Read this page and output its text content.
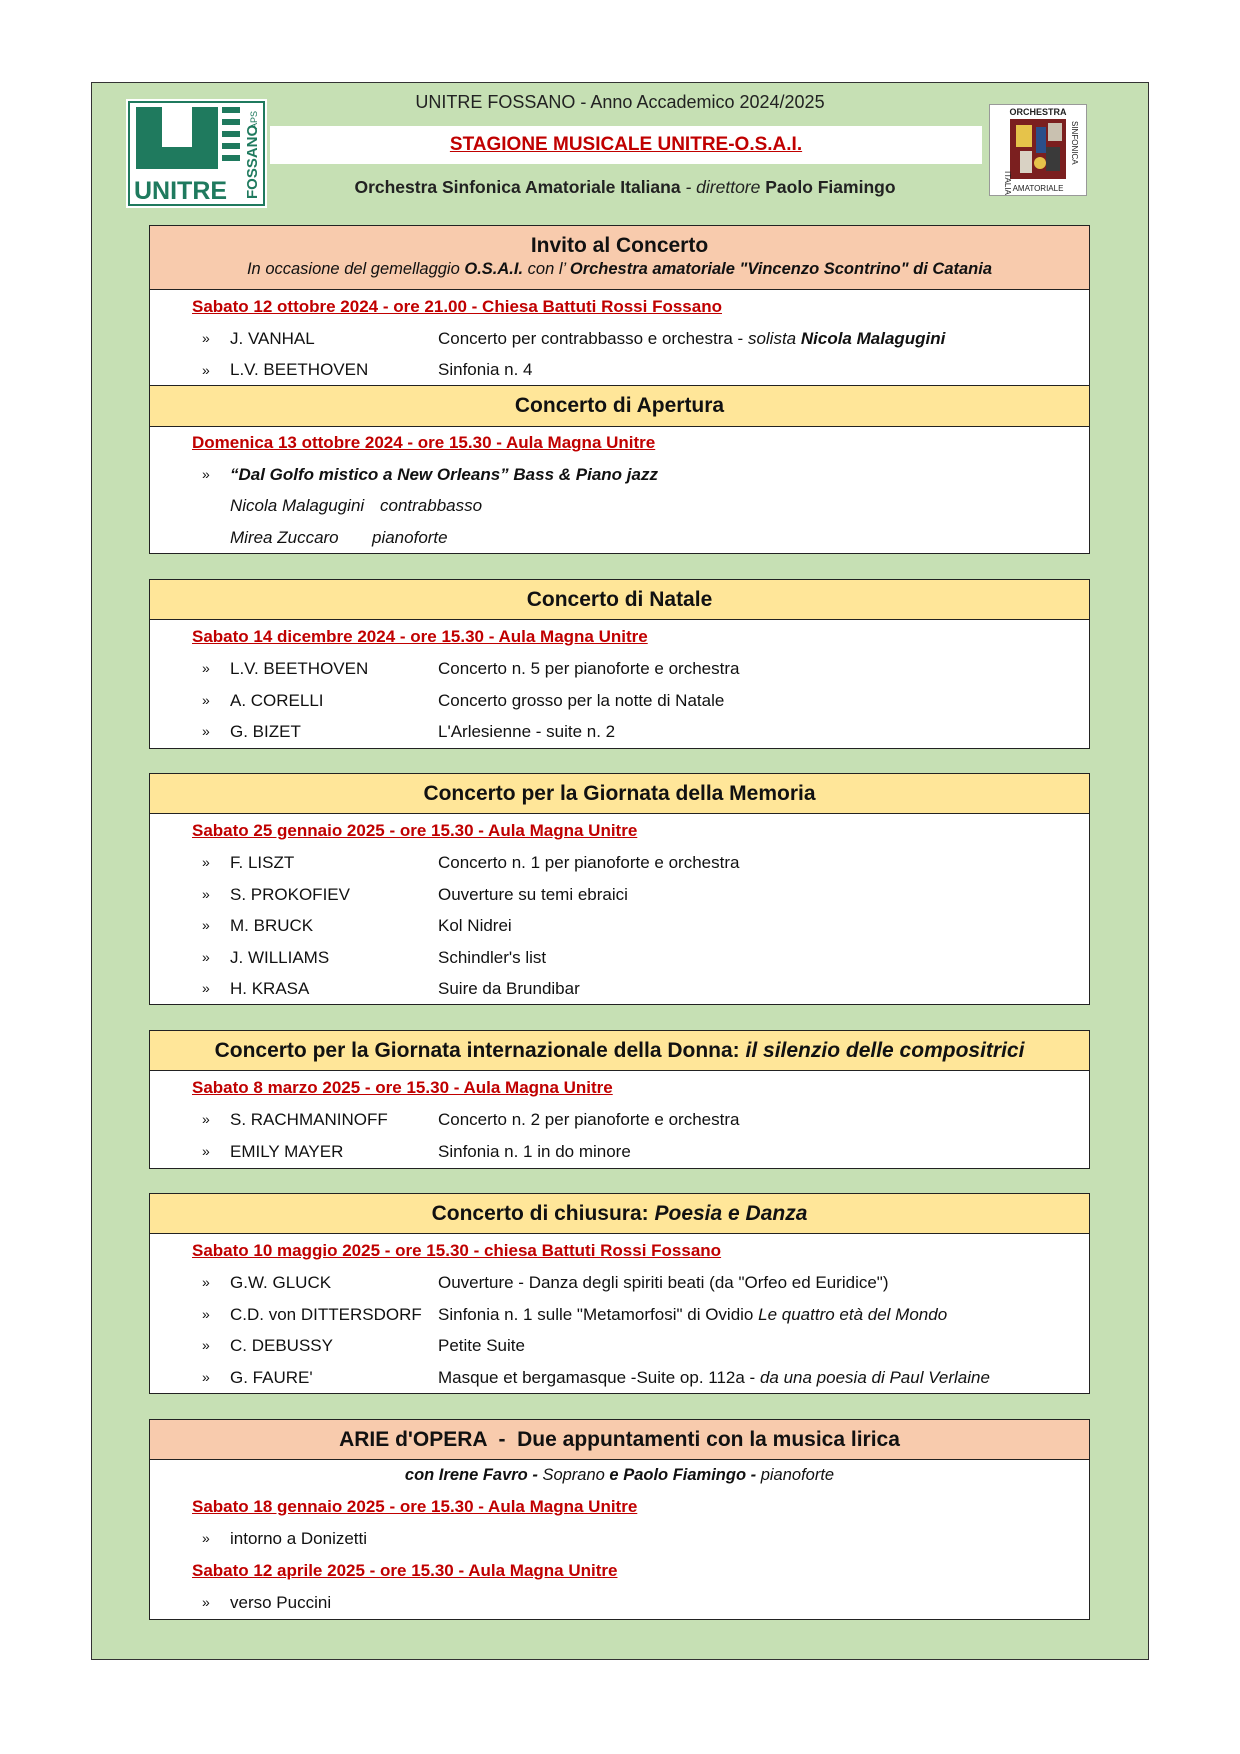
UNITRE FOSSANO
APS	ORCHESTRA
AMATORIALE
ITALIANA
SINFONICA
UNITRE FOSSANO - Anno Accademico 2024/2025
STAGIONE MUSICALE UNITRE-O.S.A.I.
Orchestra Sinfonica Amatoriale Italiana - direttore Paolo Fiamingo
Invito al Concerto
In occasione del gemellaggio O.S.A.I. con l’ Orchestra amatoriale "Vincenzo Scontrino" di Catania
Sabato 12 ottobre 2024 - ore 21.00 - Chiesa Battuti Rossi Fossano
» J. VANHAL	Concerto per contrabbasso e orchestra - solista Nicola Malagugini
» L.V. BEETHOVEN	Sinfonia n. 4
Concerto di Apertura
Domenica 13 ottobre 2024 - ore 15.30 - Aula Magna Unitre
» “Dal Golfo mistico a New Orleans” Bass & Piano jazz
Nicola Malagugini contrabbasso
Mirea Zuccaro pianoforte
Concerto di Natale
Sabato 14 dicembre 2024 - ore 15.30 - Aula Magna Unitre
» L.V. BEETHOVEN	Concerto n. 5 per pianoforte e orchestra
» A. CORELLI	Concerto grosso per la notte di Natale
» G. BIZET	L'Arlesienne - suite n. 2
Concerto per la Giornata della Memoria
Sabato 25 gennaio 2025 - ore 15.30 - Aula Magna Unitre
» F. LISZT	Concerto n. 1 per pianoforte e orchestra
» S. PROKOFIEV	Ouverture su temi ebraici
» M. BRUCK	Kol Nidrei
» J. WILLIAMS	Schindler's list
» H. KRASA	Suire da Brundibar
Concerto per la Giornata internazionale della Donna: il silenzio delle compositrici
Sabato 8 marzo 2025 - ore 15.30 - Aula Magna Unitre
» S. RACHMANINOFF	Concerto n. 2 per pianoforte e orchestra
» EMILY MAYER	Sinfonia n. 1 in do minore
Concerto di chiusura: Poesia e Danza
Sabato 10 maggio 2025 - ore 15.30 - chiesa Battuti Rossi Fossano
» G.W. GLUCK	Ouverture - Danza degli spiriti beati (da "Orfeo ed Euridice")
» C.D. von DITTERSDORF Sinfonia n. 1 sulle "Metamorfosi" di Ovidio Le quattro età del Mondo
» C. DEBUSSY	Petite Suite
» G. FAURE'	Masque et bergamasque -Suite op. 112a - da una poesia di Paul Verlaine
ARIE d'OPERA  -  Due appuntamenti con la musica lirica
con Irene Favro - Soprano e Paolo Fiamingo - pianoforte
Sabato 18 gennaio 2025 - ore 15.30 - Aula Magna Unitre
» intorno a Donizetti
Sabato 12 aprile 2025 - ore 15.30 - Aula Magna Unitre
» verso Puccini
